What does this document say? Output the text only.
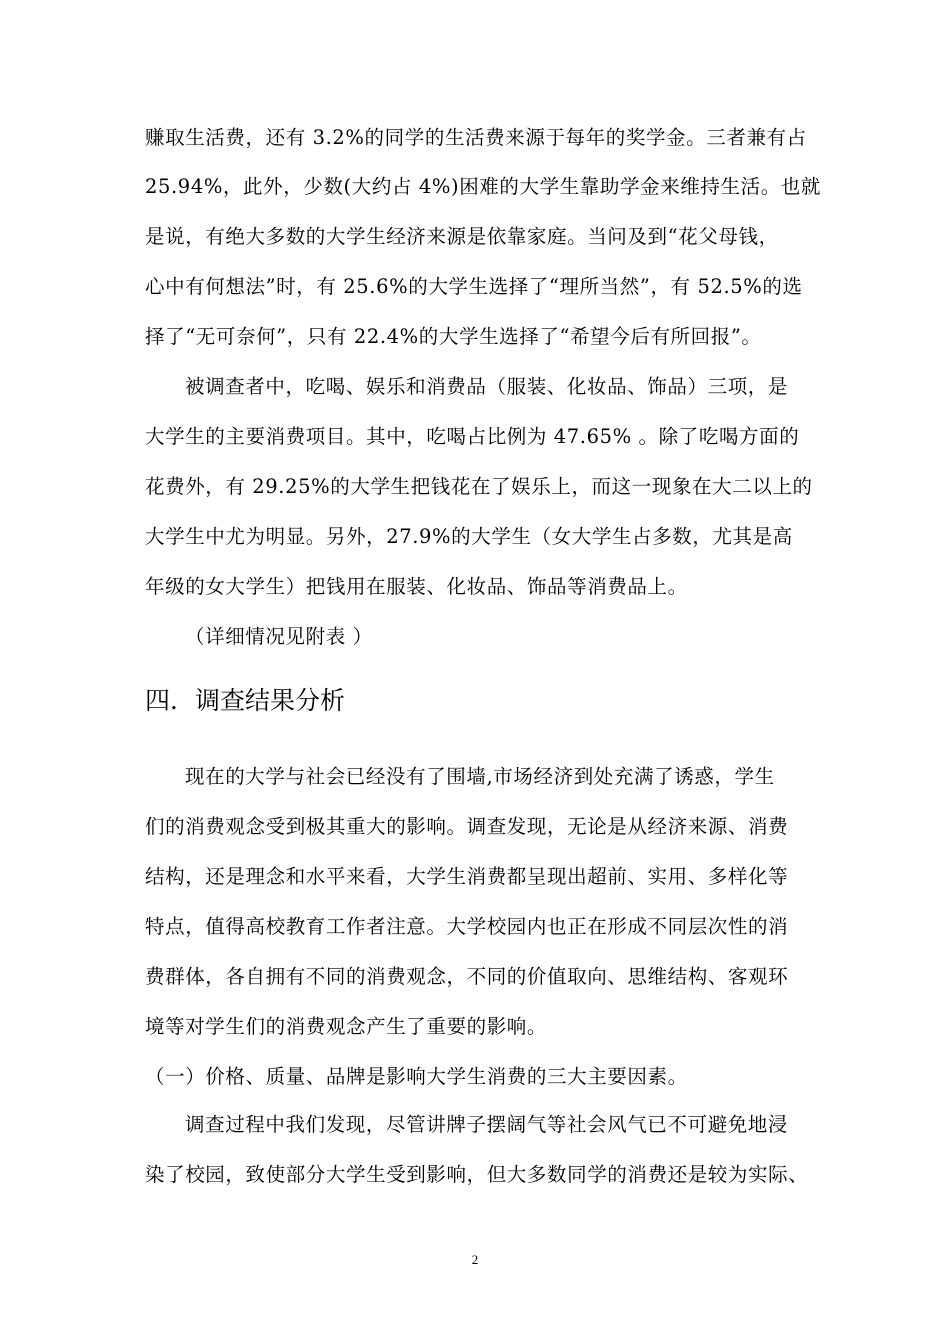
赚取生活费，还有 3.2%的同学的生活费来源于每年的奖学金。三者兼有占
25.94%，此外，少数(大约占 4%)困难的大学生靠助学金来维持生活。也就
是说，有绝大多数的大学生经济来源是依靠家庭。当问及到“花父母钱，
心中有何想法”时，有 25.6%的大学生选择了“理所当然”，有 52.5%的选
择了“无可奈何”，只有 22.4%的大学生选择了“希望今后有所回报”。
被调查者中，吃喝、娱乐和消费品（服装、化妆品、饰品）三项，是
大学生的主要消费项目。其中，吃喝占比例为 47.65% 。除了吃喝方面的
花费外，有 29.25%的大学生把钱花在了娱乐上，而这一现象在大二以上的
大学生中尤为明显。另外，27.9%的大学生（女大学生占多数，尤其是高
年级的女大学生）把钱用在服装、化妆品、饰品等消费品上。
（详细情况见附表 ）
四．调查结果分析
现在的大学与社会已经没有了围墙,市场经济到处充满了诱惑，学生
们的消费观念受到极其重大的影响。调查发现，无论是从经济来源、消费
结构，还是理念和水平来看，大学生消费都呈现出超前、实用、多样化等
特点，值得高校教育工作者注意。大学校园内也正在形成不同层次性的消
费群体，各自拥有不同的消费观念，不同的价值取向、思维结构、客观环
境等对学生们的消费观念产生了重要的影响。
（一）价格、质量、品牌是影响大学生消费的三大主要因素。
调查过程中我们发现，尽管讲牌子摆阔气等社会风气已不可避免地浸
染了校园，致使部分大学生受到影响，但大多数同学的消费还是较为实际、
2
